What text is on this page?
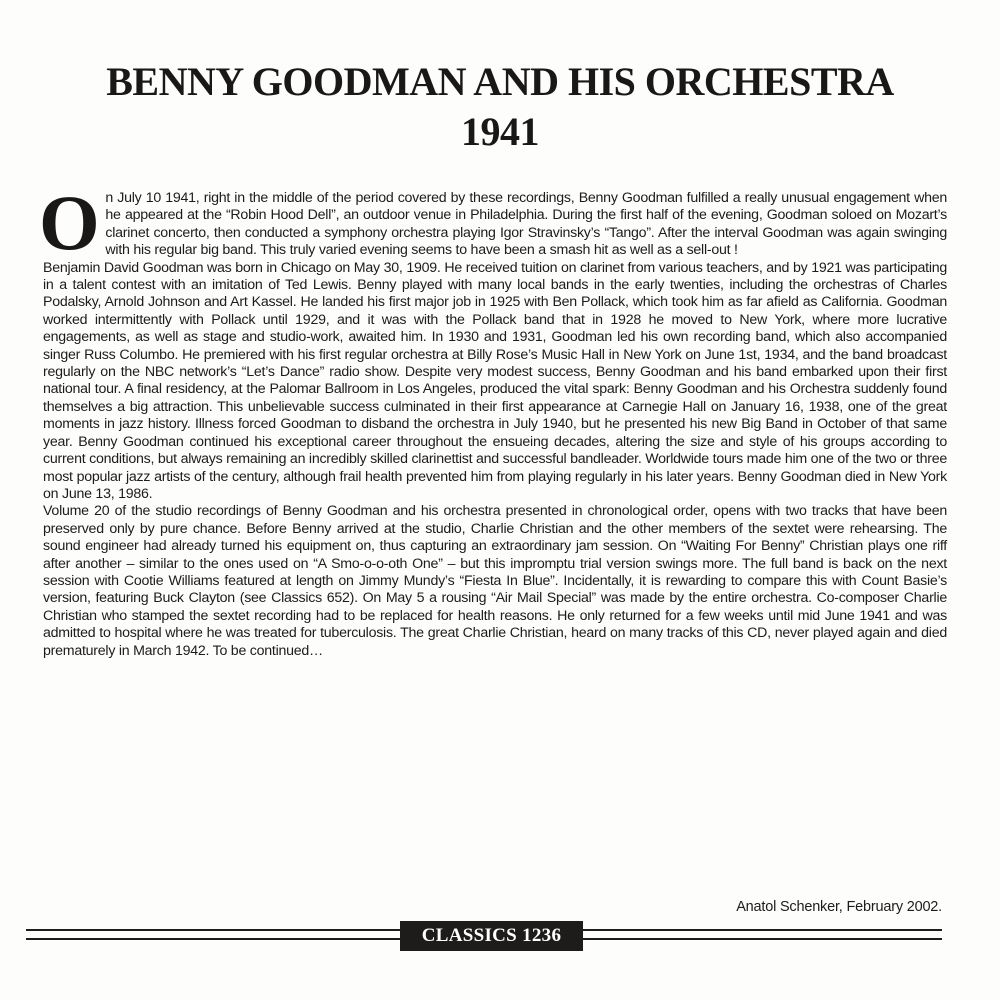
BENNY GOODMAN AND HIS ORCHESTRA
1941

On July 10 1941, right in the middle of the period covered by these recordings, Benny Goodman fulfilled a really unusual engagement when he appeared at the “Robin Hood Dell”, an outdoor venue in Philadelphia. During the first half of the evening, Goodman soloed on Mozart’s clarinet concerto, then conducted a symphony orchestra playing Igor Stravinsky’s “Tango”. After the interval Goodman was again swinging with his regular big band. This truly varied evening seems to have been a smash hit as well as a sell-out !

Benjamin David Goodman was born in Chicago on May 30, 1909. He received tuition on clarinet from various teachers, and by 1921 was participating in a talent contest with an imitation of Ted Lewis. Benny played with many local bands in the early twenties, including the orchestras of Charles Podalsky, Arnold Johnson and Art Kassel. He landed his first major job in 1925 with Ben Pollack, which took him as far afield as California. Goodman worked intermittently with Pollack until 1929, and it was with the Pollack band that in 1928 he moved to New York, where more lucrative engagements, as well as stage and studio-work, awaited him. In 1930 and 1931, Goodman led his own recording band, which also accompanied singer Russ Columbo. He premiered with his first regular orchestra at Billy Rose’s Music Hall in New York on June 1st, 1934, and the band broadcast regularly on the NBC network’s “Let’s Dance” radio show. Despite very modest success, Benny Goodman and his band embarked upon their first national tour. A final residency, at the Palomar Ballroom in Los Angeles, produced the vital spark: Benny Goodman and his Orchestra suddenly found themselves a big attraction. This unbelievable success culminated in their first appearance at Carnegie Hall on January 16, 1938, one of the great moments in jazz history. Illness forced Goodman to disband the orchestra in July 1940, but he presented his new Big Band in October of that same year. Benny Goodman continued his exceptional career throughout the ensueing decades, altering the size and style of his groups according to current conditions, but always remaining an incredibly skilled clarinettist and successful bandleader. Worldwide tours made him one of the two or three most popular jazz artists of the century, although frail health prevented him from playing regularly in his later years. Benny Goodman died in New York on June 13, 1986.

Volume 20 of the studio recordings of Benny Goodman and his orchestra presented in chronological order, opens with two tracks that have been preserved only by pure chance. Before Benny arrived at the studio, Charlie Christian and the other members of the sextet were rehearsing. The sound engineer had already turned his equipment on, thus capturing an extraordinary jam session. On “Waiting For Benny” Christian plays one riff after another – similar to the ones used on “A Smo-o-o-oth One” – but this impromptu trial version swings more. The full band is back on the next session with Cootie Williams featured at length on Jimmy Mundy’s “Fiesta In Blue”. Incidentally, it is rewarding to compare this with Count Basie’s version, featuring Buck Clayton (see Classics 652). On May 5 a rousing “Air Mail Special” was made by the entire orchestra. Co-composer Charlie Christian who stamped the sextet recording had to be replaced for health reasons. He only returned for a few weeks until mid June 1941 and was admitted to hospital where he was treated for tuberculosis. The great Charlie Christian, heard on many tracks of this CD, never played again and died prematurely in March 1942. To be continued…

Anatol Schenker, February 2002.
CLASSICS 1236
